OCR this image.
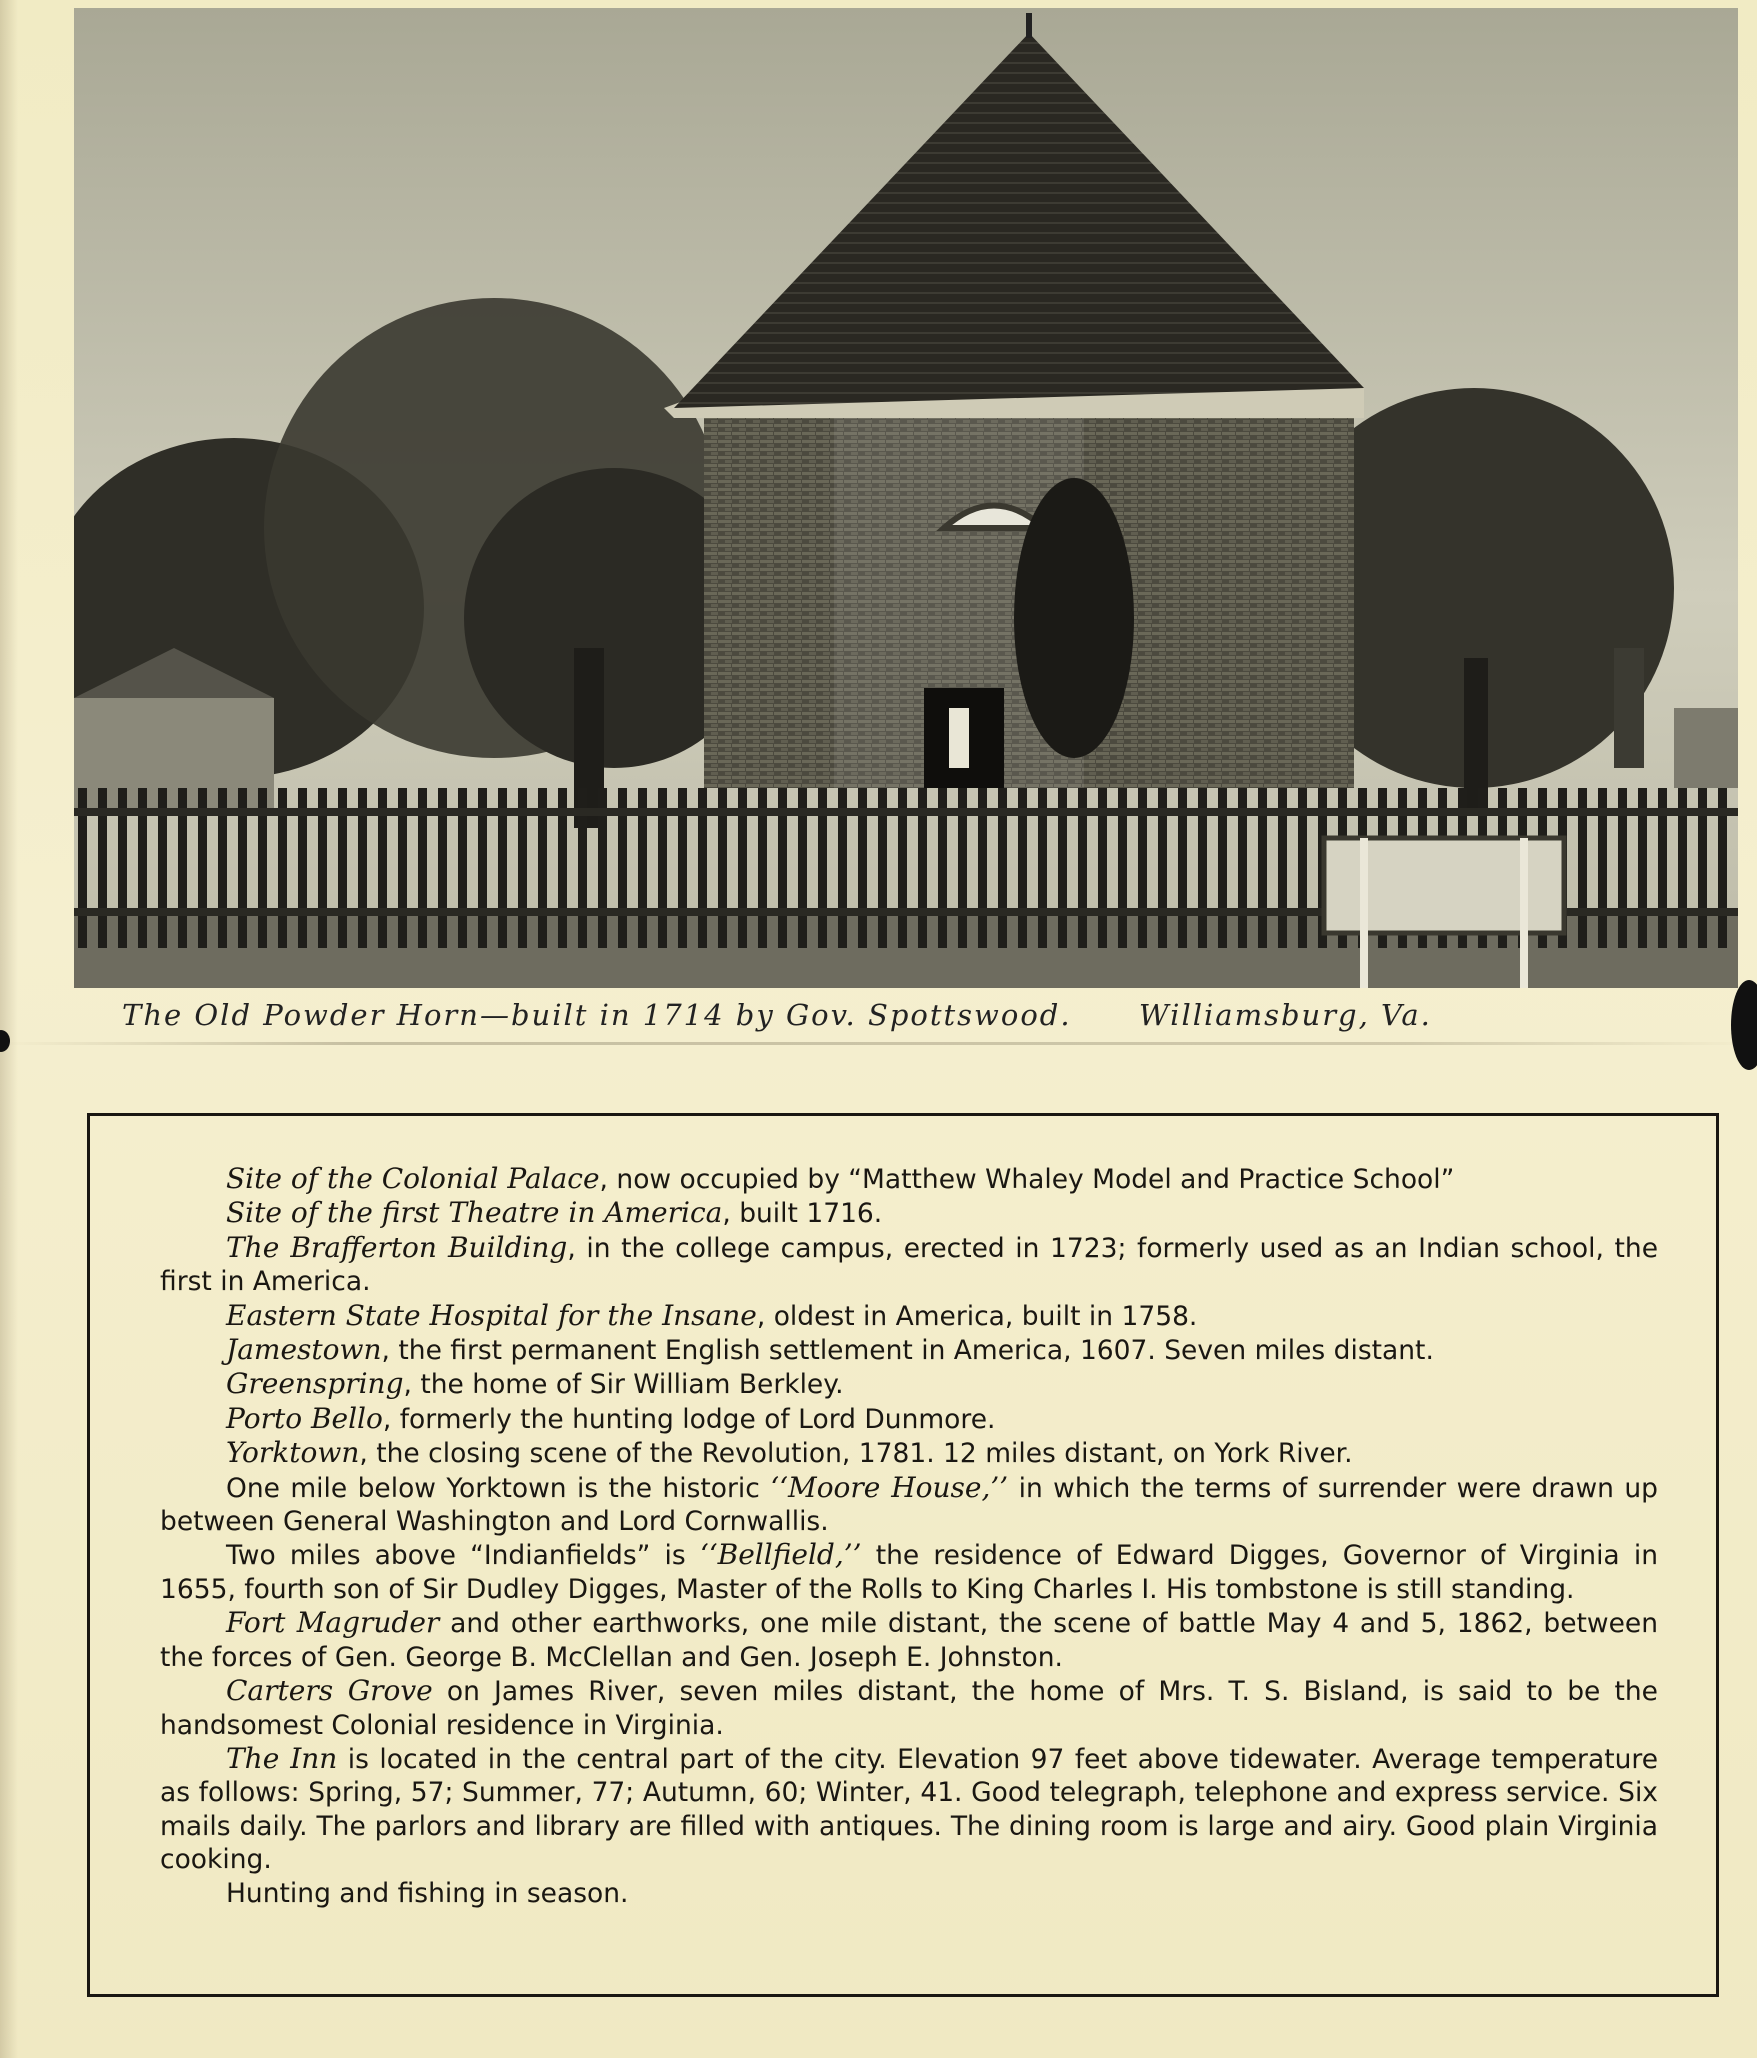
The Old Powder Horn—built in 1714 by Gov. Spottswood.      Williamsburg, Va.

Site of the Colonial Palace, now occupied by “Matthew Whaley Model and Practice School”

Site of the first Theatre in America, built 1716.

The Brafferton Building, in the college campus, erected in 1723; formerly used as an Indian school, the first in America.

Eastern State Hospital for the Insane, oldest in America, built in 1758.

Jamestown, the first permanent English settlement in America, 1607. Seven miles distant.

Greenspring, the home of Sir William Berkley.

Porto Bello, formerly the hunting lodge of Lord Dunmore.

Yorktown, the closing scene of the Revolution, 1781. 12 miles distant, on York River.

One mile below Yorktown is the historic ‘‘Moore House,’’ in which the terms of surrender were drawn up between General Washington and Lord Cornwallis.

Two miles above “Indianfields” is ‘‘Bellfield,’’ the residence of Edward Digges, Governor of Virginia in 1655, fourth son of Sir Dudley Digges, Master of the Rolls to King Charles I. His tombstone is still standing.

Fort Magruder and other earthworks, one mile distant, the scene of battle May 4 and 5, 1862, between the forces of Gen. George B. McClellan and Gen. Joseph E. Johnston.

Carters Grove on James River, seven miles distant, the home of Mrs. T. S. Bisland, is said to be the handsomest Colonial residence in Virginia.

The Inn is located in the central part of the city. Elevation 97 feet above tidewater. Average temperature as follows: Spring, 57; Summer, 77; Autumn, 60; Winter, 41. Good telegraph, telephone and express service. Six mails daily. The parlors and library are filled with antiques. The dining room is large and airy. Good plain Virginia cooking.

Hunting and fishing in season.
